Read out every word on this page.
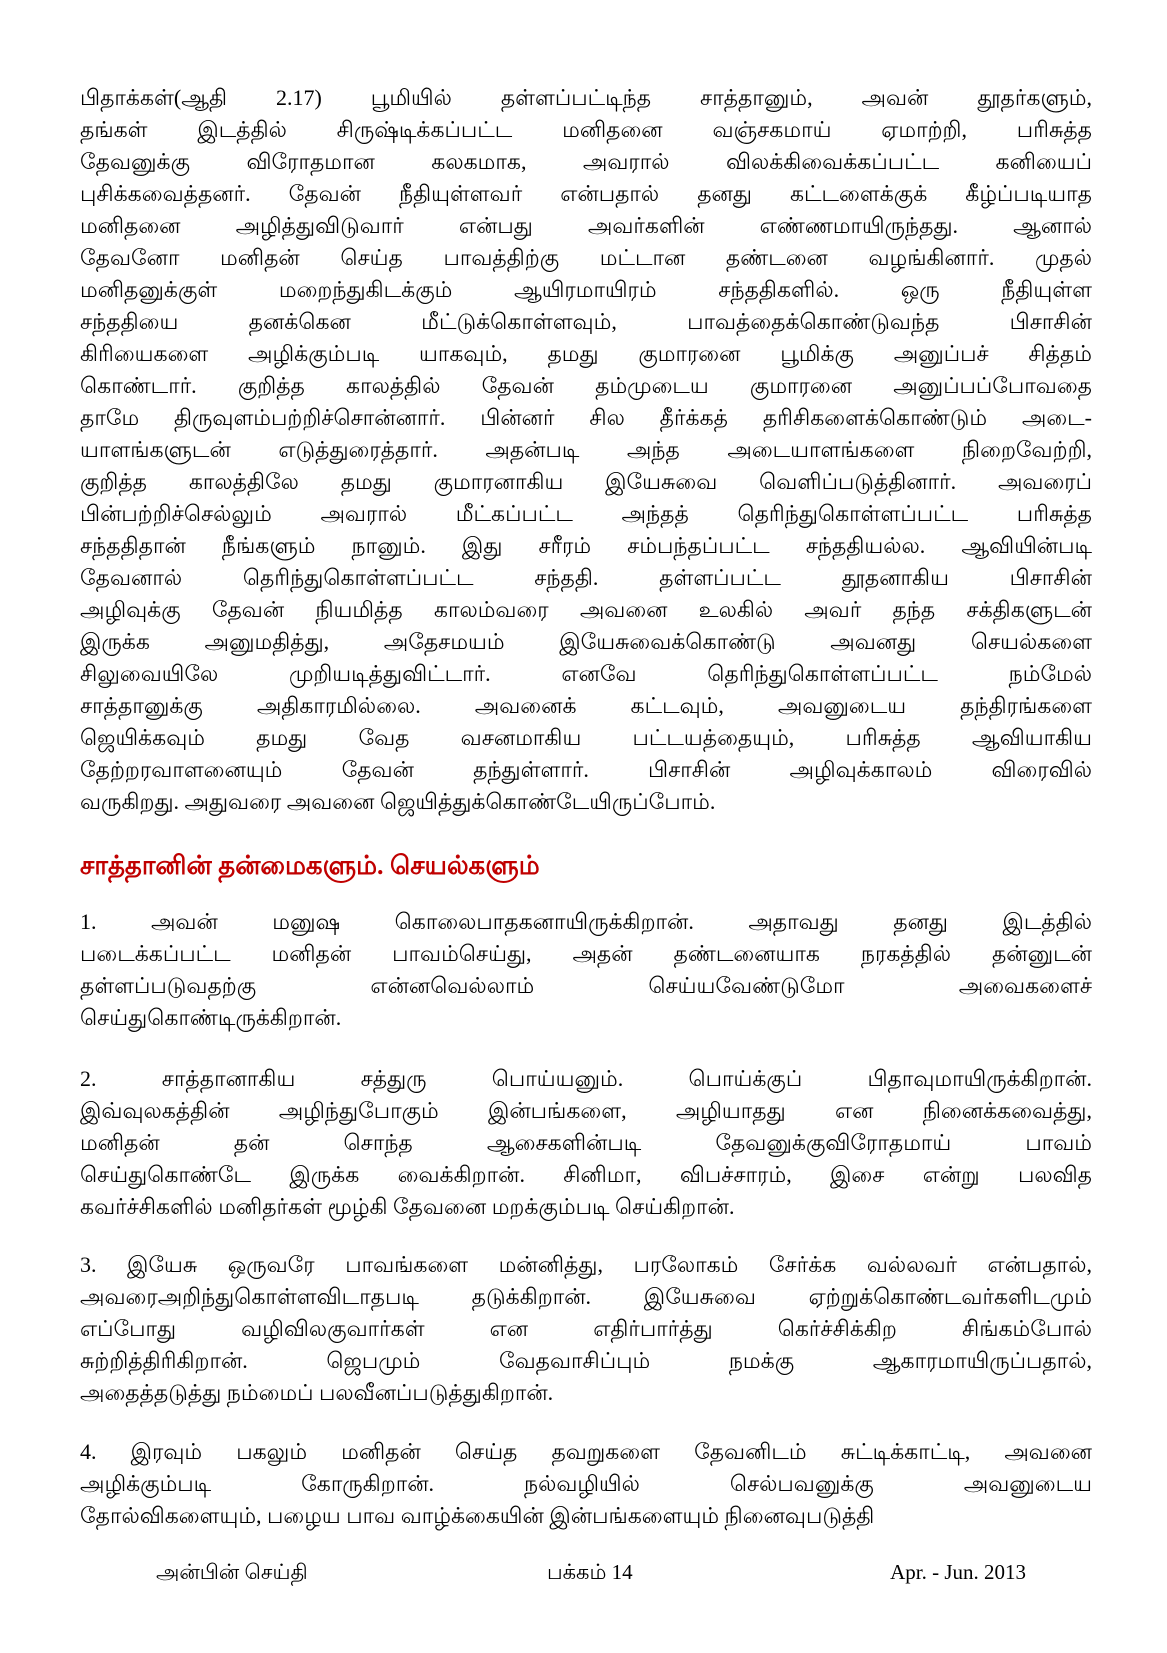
பிதாக்கள்(ஆதி 2.17) பூமியில் தள்ளப்பட்டிந்த சாத்தானும், அவன் தூதர்களும்,
தங்கள் இடத்தில் சிருஷ்டிக்கப்பட்ட மனிதனை வஞ்சகமாய் ஏமாற்றி, பரிசுத்த
தேவனுக்கு விரோதமான கலகமாக, அவரால் விலக்கிவைக்கப்பட்ட கனியைப்
புசிக்கவைத்தனர். தேவன் நீதியுள்ளவர் என்பதால் தனது கட்டளைக்குக் கீழ்ப்படியாத
மனிதனை அழித்துவிடுவார் என்பது அவர்களின் எண்ணமாயிருந்தது. ஆனால்
தேவனோ மனிதன் செய்த பாவத்திற்கு மட்டான தண்டனை வழங்கினார். முதல்
மனிதனுக்குள் மறைந்துகிடக்கும் ஆயிரமாயிரம் சந்ததிகளில். ஒரு நீதியுள்ள
சந்ததியை தனக்கென மீட்டுக்கொள்ளவும், பாவத்தைக்கொண்டுவந்த பிசாசின்
கிரியைகளை அழிக்கும்படி யாகவும், தமது குமாரனை பூமிக்கு அனுப்பச் சித்தம்
கொண்டார். குறித்த காலத்தில் தேவன் தம்முடைய குமாரனை அனுப்பப்போவதை
தாமே திருவுளம்பற்றிச்சொன்னார். பின்னர் சில தீர்க்கத் தரிசிகளைக்கொண்டும் அடை-
யாளங்களுடன் எடுத்துரைத்தார். அதன்படி அந்த அடையாளங்களை நிறைவேற்றி,
குறித்த காலத்திலே தமது குமாரனாகிய இயேசுவை வெளிப்படுத்தினார். அவரைப்
பின்பற்றிச்செல்லும் அவரால் மீட்கப்பட்ட அந்தத் தெரிந்துகொள்ளப்பட்ட பரிசுத்த
சந்ததிதான் நீங்களும் நானும். இது சரீரம் சம்பந்தப்பட்ட சந்ததியல்ல. ஆவியின்படி
தேவனால் தெரிந்துகொள்ளப்பட்ட சந்ததி. தள்ளப்பட்ட தூதனாகிய பிசாசின்
அழிவுக்கு தேவன் நியமித்த காலம்வரை அவனை உலகில் அவர் தந்த சக்திகளுடன்
இருக்க அனுமதித்து, அதேசமயம் இயேசுவைக்கொண்டு அவனது செயல்களை
சிலுவையிலே முறியடித்துவிட்டார். எனவே தெரிந்துகொள்ளப்பட்ட நம்மேல்
சாத்தானுக்கு அதிகாரமில்லை. அவனைக் கட்டவும், அவனுடைய தந்திரங்களை
ஜெயிக்கவும் தமது வேத வசனமாகிய பட்டயத்தையும், பரிசுத்த ஆவியாகிய
தேற்றரவாளனையும் தேவன் தந்துள்ளார். பிசாசின் அழிவுக்காலம் விரைவில்
வருகிறது. அதுவரை அவனை ஜெயித்துக்கொண்டேயிருப்போம்.
சாத்தானின் தன்மைகளும். செயல்களும்
1. அவன் மனுஷ கொலைபாதகனாயிருக்கிறான். அதாவது தனது இடத்தில்
படைக்கப்பட்ட மனிதன் பாவம்செய்து, அதன் தண்டனையாக நரகத்தில் தன்னுடன்
தள்ளப்படுவதற்கு என்னவெல்லாம் செய்யவேண்டுமோ அவைகளைச்
செய்துகொண்டிருக்கிறான்.
2. சாத்தானாகிய சத்துரு பொய்யனும். பொய்க்குப் பிதாவுமாயிருக்கிறான்.
இவ்வுலகத்தின் அழிந்துபோகும் இன்பங்களை, அழியாதது என நினைக்கவைத்து,
மனிதன் தன் சொந்த ஆசைகளின்படி தேவனுக்குவிரோதமாய் பாவம்
செய்துகொண்டே இருக்க வைக்கிறான். சினிமா, விபச்சாரம், இசை என்று பலவித
கவர்ச்சிகளில் மனிதர்கள் மூழ்கி தேவனை மறக்கும்படி செய்கிறான்.
3. இயேசு ஒருவரே பாவங்களை மன்னித்து, பரலோகம் சேர்க்க வல்லவர் என்பதால்,
அவரைஅறிந்துகொள்ளவிடாதபடி தடுக்கிறான். இயேசுவை ஏற்றுக்கொண்டவர்களிடமும்
எப்போது வழிவிலகுவார்கள் என எதிர்பார்த்து கெர்ச்சிக்கிற சிங்கம்போல்
சுற்றித்திரிகிறான். ஜெபமும் வேதவாசிப்பும் நமக்கு ஆகாரமாயிருப்பதால்,
அதைத்தடுத்து நம்மைப் பலவீனப்படுத்துகிறான்.
4. இரவும் பகலும் மனிதன் செய்த தவறுகளை தேவனிடம் சுட்டிக்காட்டி, அவனை
அழிக்கும்படி கோருகிறான். நல்வழியில் செல்பவனுக்கு அவனுடைய
தோல்விகளையும், பழைய பாவ வாழ்க்கையின் இன்பங்களையும் நினைவுபடுத்தி
அன்பின் செய்தி	பக்கம் 14	Apr. - Jun. 2013
